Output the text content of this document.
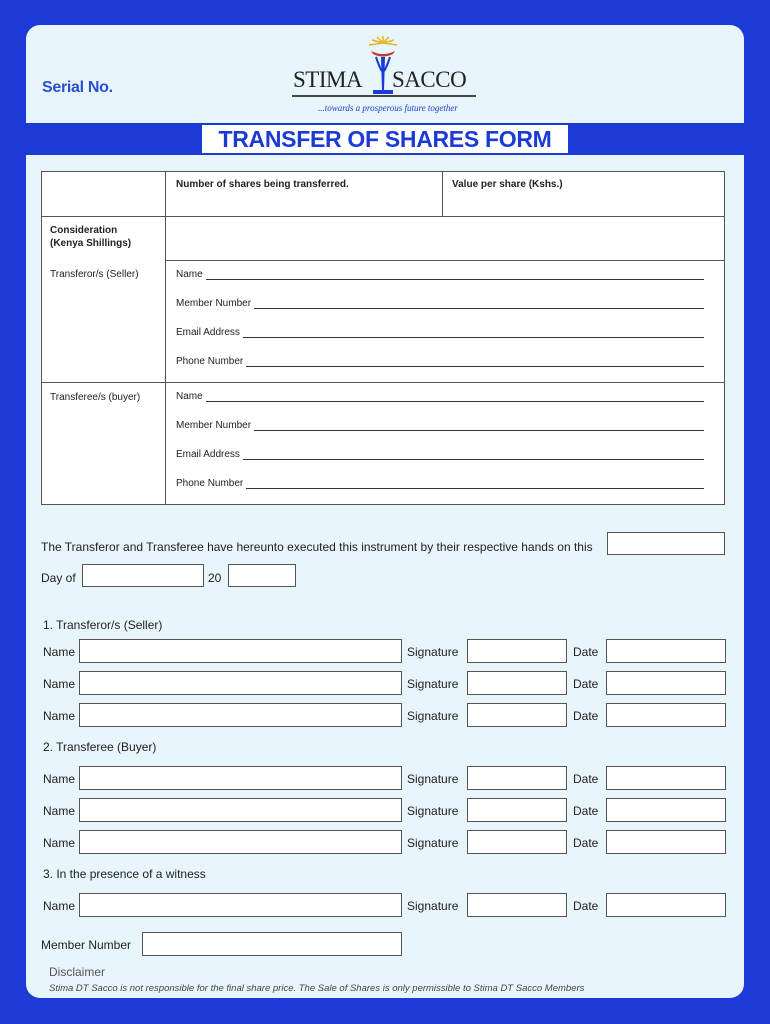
Serial No.	STIMA SACCO
...towards a prosperous future together
TRANSFER OF SHARES FORM
Number of shares being transferred.	Value per share (Kshs.)
Consideration
(Kenya Shillings)
Transferor/s (Seller)	Name
Member Number
Email Address
Phone Number
Transferee/s (buyer)	Name
Member Number
Email Address
Phone Number
The Transferor and Transferee have hereunto executed this instrument by their respective hands on this
Day of	20
1. Transferor/s (Seller)
Name	Signature	Date
Name	Signature	Date
Name	Signature	Date
2. Transferee (Buyer)
Name	Signature	Date
Name	Signature	Date
Name	Signature	Date
3. In the presence of a witness
Name	Signature	Date
Member Number
Disclaimer
Stima DT Sacco is not responsible for the final share price. The Sale of Shares is only permissible to Stima DT Sacco Members
